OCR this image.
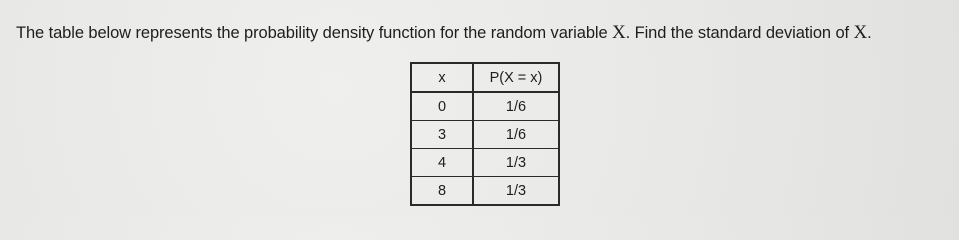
The table below represents the probability density function for the random variable X. Find the standard deviation of X.
x	P(X = x)
0	1/6
3	1/6
4	1/3
8	1/3
